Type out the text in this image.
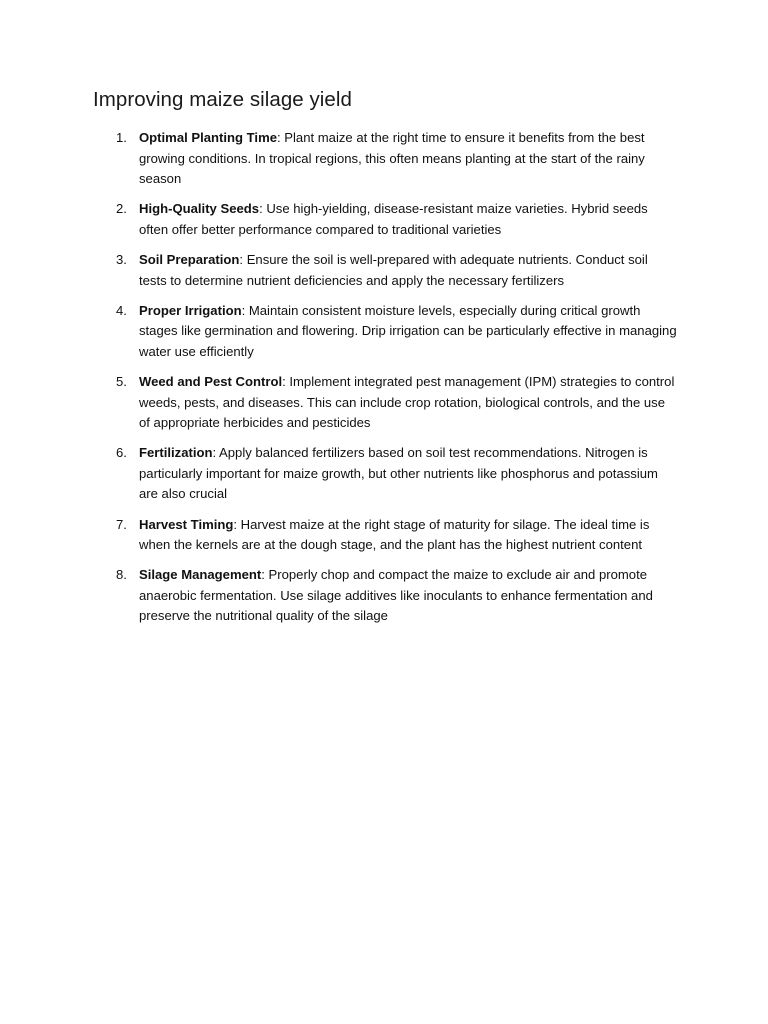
Improving maize silage yield
1. Optimal Planting Time: Plant maize at the right time to ensure it benefits from the best growing conditions. In tropical regions, this often means planting at the start of the rainy season
2. High-Quality Seeds: Use high-yielding, disease-resistant maize varieties. Hybrid seeds often offer better performance compared to traditional varieties
3. Soil Preparation: Ensure the soil is well-prepared with adequate nutrients. Conduct soil tests to determine nutrient deficiencies and apply the necessary fertilizers
4. Proper Irrigation: Maintain consistent moisture levels, especially during critical growth stages like germination and flowering. Drip irrigation can be particularly effective in managing water use efficiently
5. Weed and Pest Control: Implement integrated pest management (IPM) strategies to control weeds, pests, and diseases. This can include crop rotation, biological controls, and the use of appropriate herbicides and pesticides
6. Fertilization: Apply balanced fertilizers based on soil test recommendations. Nitrogen is particularly important for maize growth, but other nutrients like phosphorus and potassium are also crucial
7. Harvest Timing: Harvest maize at the right stage of maturity for silage. The ideal time is when the kernels are at the dough stage, and the plant has the highest nutrient content
8. Silage Management: Properly chop and compact the maize to exclude air and promote anaerobic fermentation. Use silage additives like inoculants to enhance fermentation and preserve the nutritional quality of the silage
